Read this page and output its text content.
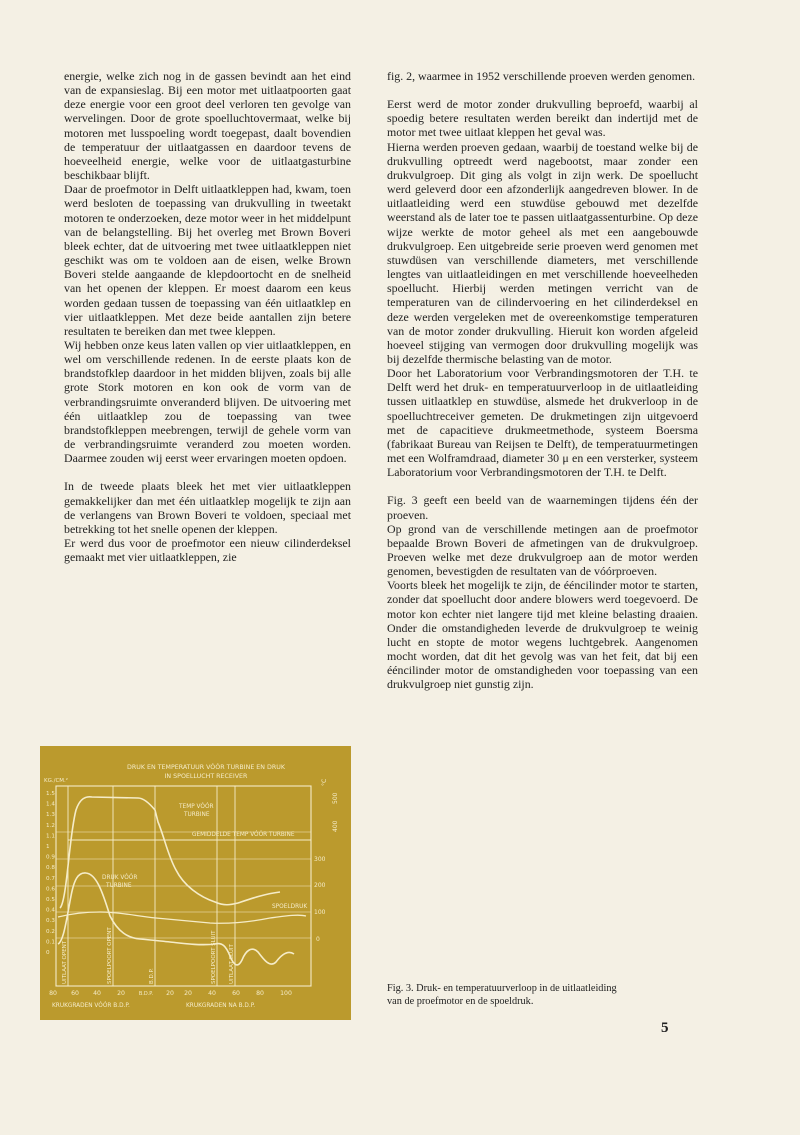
energie, welke zich nog in de gassen bevindt aan het eind van de expansieslag. Bij een motor met uitlaatpoorten gaat deze energie voor een groot deel verloren ten gevolge van wervelingen. Door de grote spoelluchtovermaat, welke bij motoren met lusspoeling wordt toegepast, daalt bovendien de temperatuur der uitlaatgassen en daardoor tevens de hoeveelheid energie, welke voor de uitlaatgasturbine beschikbaar blijft.

Daar de proefmotor in Delft uitlaatkleppen had, kwam, toen werd besloten de toepassing van drukvulling in tweetakt motoren te onderzoeken, deze motor weer in het middelpunt van de belangstelling. Bij het overleg met Brown Boveri bleek echter, dat de uitvoering met twee uitlaatkleppen niet geschikt was om te voldoen aan de eisen, welke Brown Boveri stelde aangaande de klepdoortocht en de snelheid van het openen der kleppen. Er moest daarom een keus worden gedaan tussen de toepassing van één uitlaatklep en vier uitlaatkleppen. Met deze beide aantallen zijn betere resultaten te bereiken dan met twee kleppen.

Wij hebben onze keus laten vallen op vier uitlaatkleppen, en wel om verschillende redenen. In de eerste plaats kon de brandstofklep daardoor in het midden blijven, zoals bij alle grote Stork motoren en kon ook de vorm van de verbrandingsruimte onveranderd blijven. De uitvoering met één uitlaatklep zou de toepassing van twee brandstofkleppen meebrengen, terwijl de gehele vorm van de verbrandingsruimte veranderd zou moeten worden. Daarmee zouden wij eerst weer ervaringen moeten opdoen.

In de tweede plaats bleek het met vier uitlaatkleppen gemakkelijker dan met één uitlaatklep mogelijk te zijn aan de verlangens van Brown Boveri te voldoen, speciaal met betrekking tot het snelle openen der kleppen.

Er werd dus voor de proefmotor een nieuw cilinderdeksel gemaakt met vier uitlaatkleppen, zie

fig. 2, waarmee in 1952 verschillende proeven werden genomen.

Eerst werd de motor zonder drukvulling beproefd, waarbij al spoedig betere resultaten werden bereikt dan indertijd met de motor met twee uitlaat kleppen het geval was.

Hierna werden proeven gedaan, waarbij de toestand welke bij de drukvulling optreedt werd nagebootst, maar zonder een drukvulgroep. Dit ging als volgt in zijn werk. De spoellucht werd geleverd door een afzonderlijk aangedreven blower. In de uitlaatleiding werd een stuwdüse gebouwd met dezelfde weerstand als de later toe te passen uitlaatgassenturbine. Op deze wijze werkte de motor geheel als met een aangebouwde drukvulgroep. Een uitgebreide serie proeven werd genomen met stuwdüsen van verschillende diameters, met verschillende lengtes van uitlaatleidingen en met verschillende hoeveelheden spoellucht. Hierbij werden metingen verricht van de temperaturen van de cilindervoering en het cilinderdeksel en deze werden vergeleken met de overeenkomstige temperaturen van de motor zonder drukvulling. Hieruit kon worden afgeleid hoeveel stijging van vermogen door drukvulling mogelijk was bij dezelfde thermische belasting van de motor.

Door het Laboratorium voor Verbrandingsmotoren der T.H. te Delft werd het druk- en temperatuurverloop in de uitlaatleiding tussen uitlaatklep en stuwdüse, alsmede het drukverloop in de spoelluchtreceiver gemeten. De drukmetingen zijn uitgevoerd met de capacitieve drukmeetmethode, systeem Boersma (fabrikaat Bureau van Reijsen te Delft), de temperatuurmetingen met een Wolframdraad, diameter 30 μ en een versterker, systeem Laboratorium voor Verbrandingsmotoren der T.H. te Delft.

Fig. 3 geeft een beeld van de waarnemingen tijdens één der proeven.

Op grond van de verschillende metingen aan de proefmotor bepaalde Brown Boveri de afmetingen van de drukvulgroep. Proeven welke met deze drukvulgroep aan de motor werden genomen, bevestigden de resultaten van de vóórproeven.

Voorts bleek het mogelijk te zijn, de ééncilinder motor te starten, zonder dat spoellucht door andere blowers werd toegevoerd. De motor kon echter niet langere tijd met kleine belasting draaien. Onder die omstandigheden leverde de drukvulgroep te weinig lucht en stopte de motor wegens luchtgebrek. Aangenomen mocht worden, dat dit het gevolg was van het feit, dat bij een ééncilinder motor de omstandigheden voor toepassing van een drukvulgroep niet gunstig zijn.

DRUK EN TEMPERATUUR VÓÓR TURBINE EN DRUK
IN SPOELLUCHT RECEIVER
KG./CM.²	°C
1.5
1.4
1.3
1.2
1.1
1
0.9
0.8
0.7
0.6
0.5
0.4
0.3
0.2
0.1
0
500
400
300
200
100
0
TEMP VÓÓR
TURBINE
GEMIDDELDE TEMP VÓÓR TURBINE
DRUK VÓÓR
TURBINE
SPOELDRUK
UITLAAT OPENT	SPOELPOORT OPENT	B.D.P.	SPOELPOORT SLUIT UITLAAT SLUIT
80 60 40	20	B.D.P. 20 20	40	60	80	100
KRUKGRADEN VÓÓR B.D.P.	KRUKGRADEN NA B.D.P.
Fig. 3. Druk- en temperatuurverloop in de uitlaatleiding van de proefmotor en de spoeldruk.
5
